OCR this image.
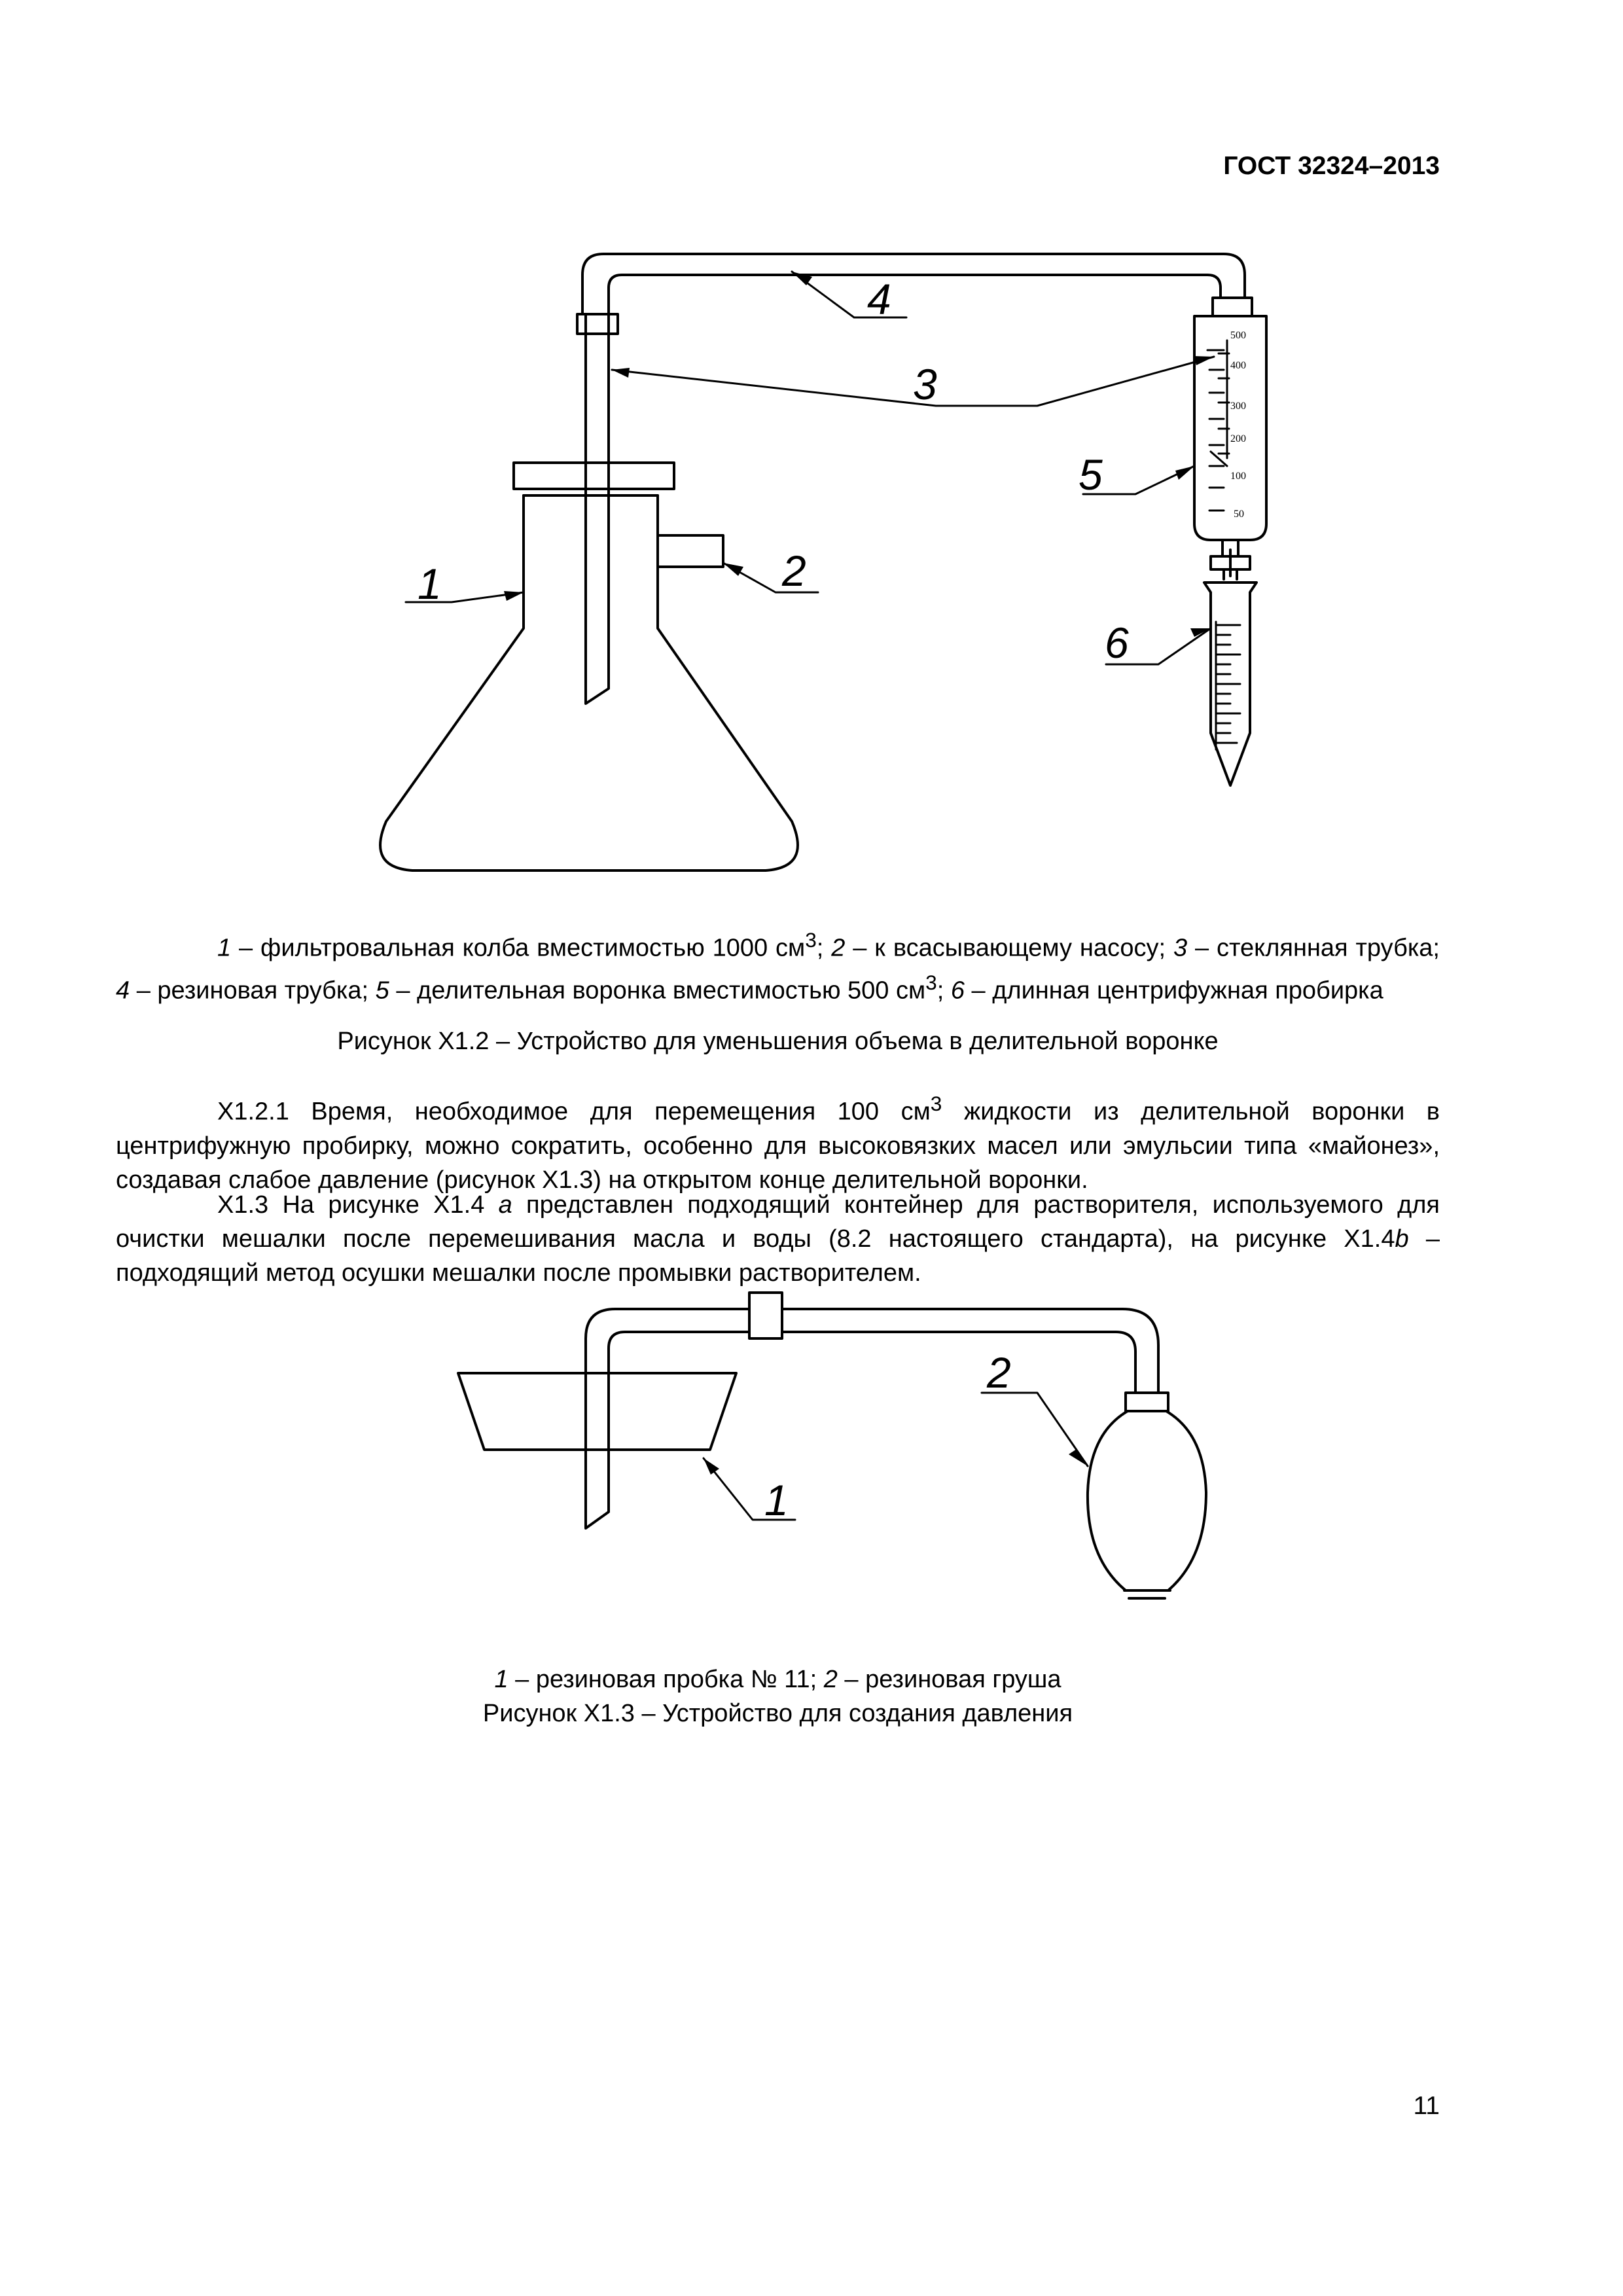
ГОСТ 32324–2013
1	2
3
4
5
6
500
400
300
200
100
50
2
1
1 – фильтровальная колба вместимостью 1000 $см^3$; 2 – к всасывающему насосу; 3 – стеклянная трубка; 4 – резиновая трубка; 5 – делительная воронка вместимостью 500 $см^3$; 6 – длинная центрифужная пробирка
Рисунок X1.2 – Устройство для уменьшения объема в делительной воронке
X1.2.1 Время, необходимое для перемещения 100 $см^3$ жидкости из делительной воронки в центрифужную пробирку, можно сократить, особенно для высоковязких масел или эмульсии типа «майонез», создавая слабое давление (рисунок X1.3) на открытом конце делительной воронки.
X1.3 На рисунке X1.4 а представлен подходящий контейнер для растворителя, используемого для очистки мешалки после перемешивания масла и воды (8.2 настоящего стандарта), на рисунке X1.4b – подходящий метод осушки мешалки после промывки растворителем.
1 – резиновая пробка № 11; 2 – резиновая груша
Рисунок X1.3 – Устройство для создания давления
11
